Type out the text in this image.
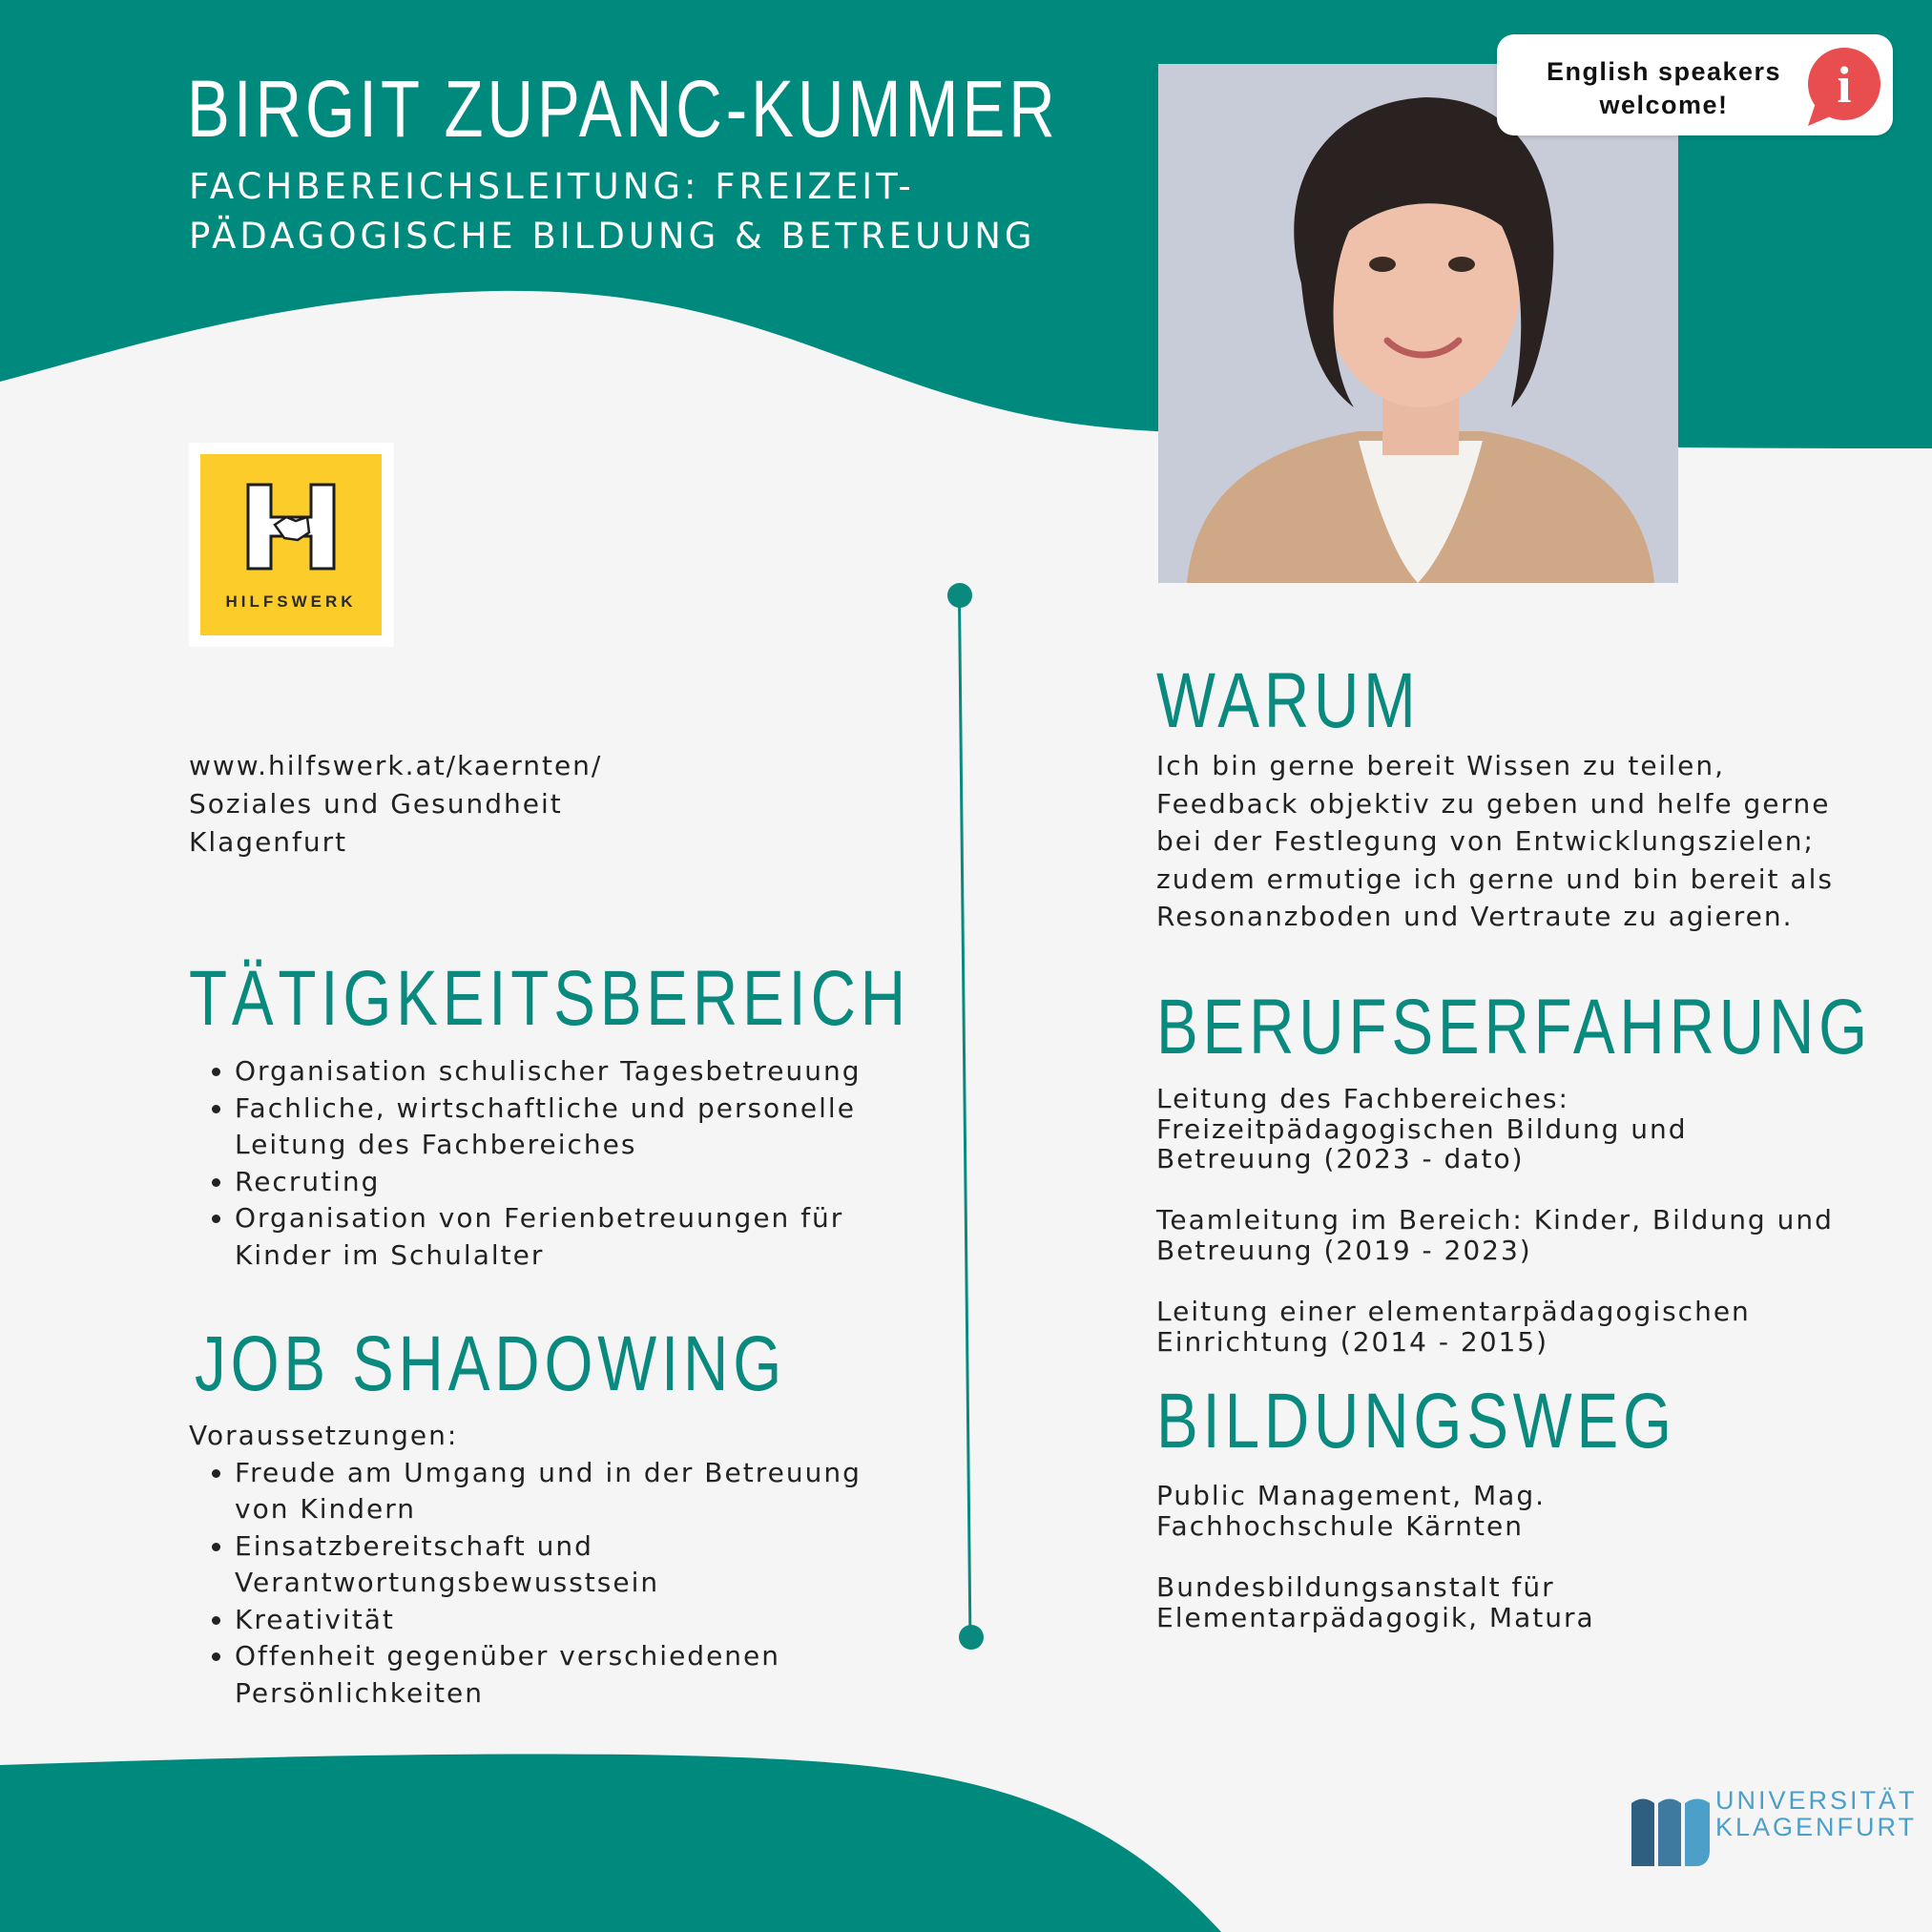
BIRGIT ZUPANC-KUMMER
FACHBEREICHSLEITUNG: FREIZEIT-
PÄDAGOGISCHE BILDUNG & BETREUUNG
English speakers
welcome!	i
HILFSWERK
www.hilfswerk.at/kaernten/
Soziales und Gesundheit
Klagenfurt
TÄTIGKEITSBEREICH
• Organisation schulischer Tagesbetreuung
• Fachliche, wirtschaftliche und personelle Leitung des Fachbereiches
• Recruting
• Organisation von Ferienbetreuungen für Kinder im Schulalter
JOB SHADOWING
Voraussetzungen:
• Freude am Umgang und in der Betreuung von Kindern
• Einsatzbereitschaft und Verantwortungsbewusstsein
• Kreativität
• Offenheit gegenüber verschiedenen Persönlichkeiten
WARUM
Ich bin gerne bereit Wissen zu teilen,
Feedback objektiv zu geben und helfe gerne
bei der Festlegung von Entwicklungszielen;
zudem ermutige ich gerne und bin bereit als
Resonanzboden und Vertraute zu agieren.
BERUFSERFAHRUNG
Leitung des Fachbereiches:
Freizeitpädagogischen Bildung und
Betreuung (2023 - dato)
Teamleitung im Bereich: Kinder, Bildung und
Betreuung (2019 - 2023)
Leitung einer elementarpädagogischen
Einrichtung (2014 - 2015)
BILDUNGSWEG
Public Management, Mag.
Fachhochschule Kärnten
Bundesbildungsanstalt für
Elementarpädagogik, Matura
UNIVERSITÄT
KLAGENFURT
